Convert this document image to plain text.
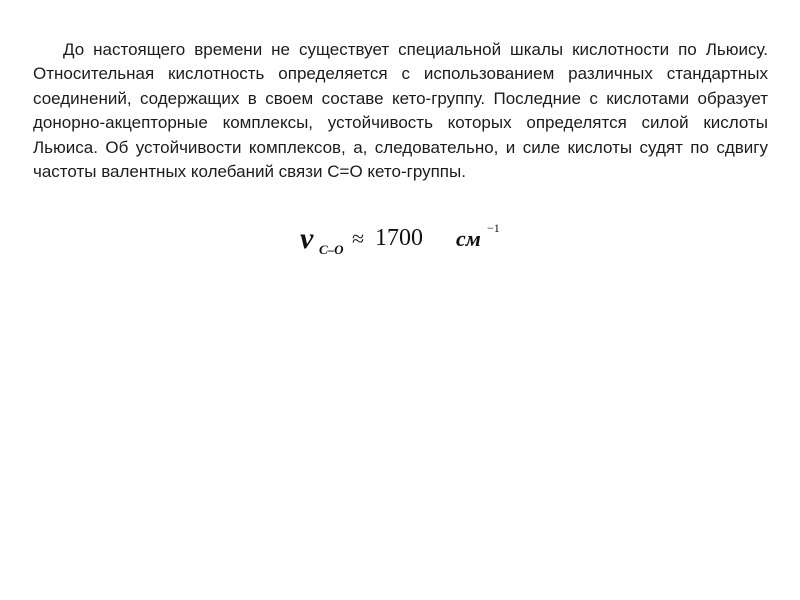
До настоящего времени не существует специальной шкалы кислотности по Льюису. Относительная кислотность определяется с использованием различных стандартных соединений, содержащих в своем составе кето-группу. Последние с кислотами образует донорно-акцепторные комплексы, устойчивость которых определятся силой кислоты Льюиса. Об устойчивости комплексов, а, следовательно, и силе кислоты судят по сдвигу частоты валентных колебаний связи С=О кето-группы.

ν C–O ≈ 1700 см −1
